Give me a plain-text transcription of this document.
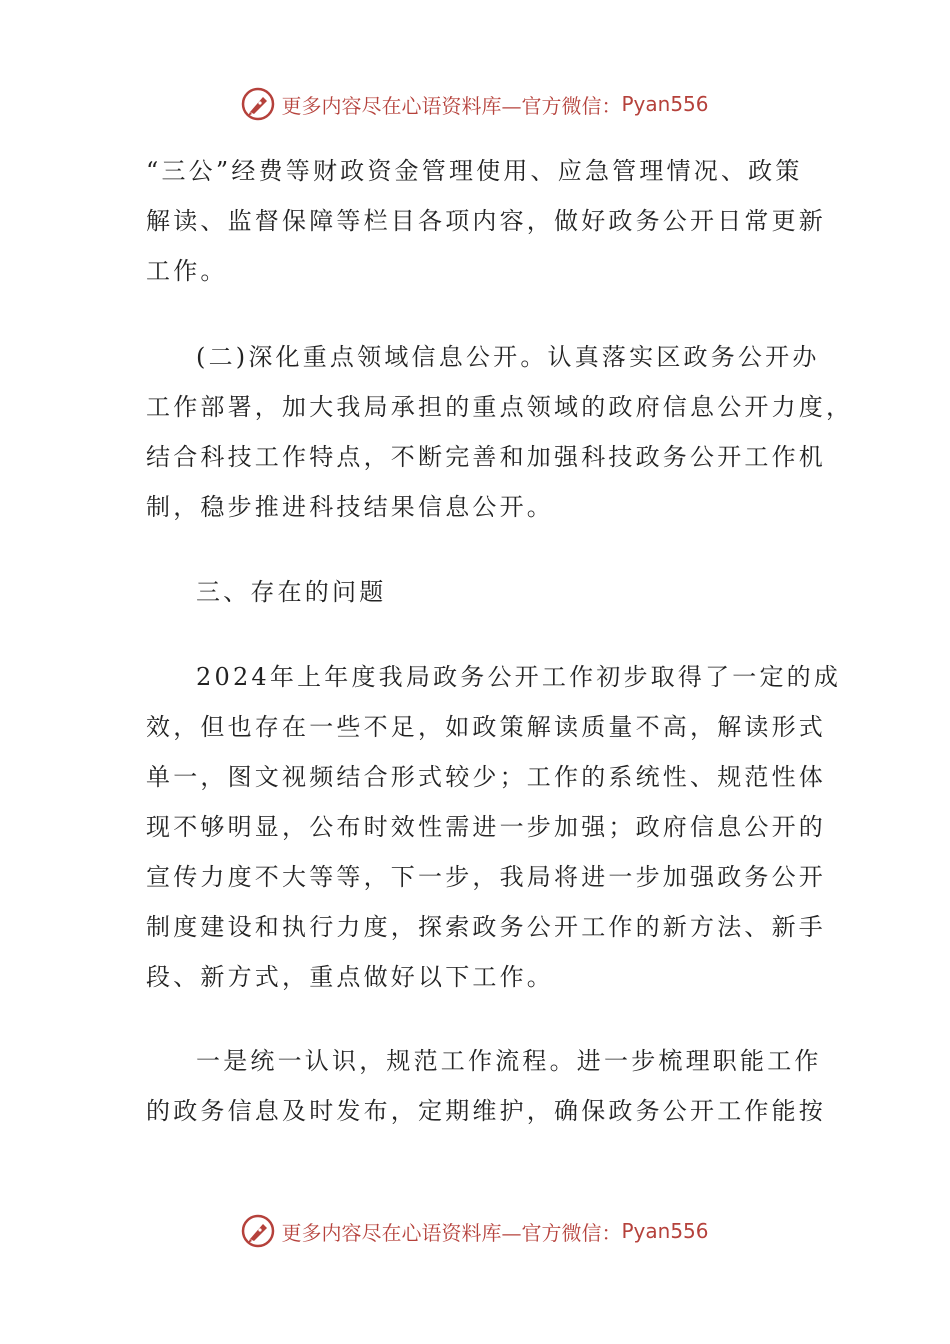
更多内容尽在心语资料库—官方微信： Pyan556
“三公”经费等财政资金管理使用、应急管理情况、政策
解读、监督保障等栏目各项内容，做好政务公开日常更新
工作。
(二)深化重点领域信息公开。认真落实区政务公开办
工作部署，加大我局承担的重点领域的政府信息公开力度，
结合科技工作特点，不断完善和加强科技政务公开工作机
制，稳步推进科技结果信息公开。
三、存在的问题
2024年上年度我局政务公开工作初步取得了一定的成
效，但也存在一些不足，如政策解读质量不高，解读形式
单一，图文视频结合形式较少；工作的系统性、规范性体
现不够明显，公布时效性需进一步加强；政府信息公开的
宣传力度不大等等，下一步，我局将进一步加强政务公开
制度建设和执行力度，探索政务公开工作的新方法、新手
段、新方式，重点做好以下工作。
一是统一认识，规范工作流程。进一步梳理职能工作
的政务信息及时发布，定期维护，确保政务公开工作能按
更多内容尽在心语资料库—官方微信： Pyan556
